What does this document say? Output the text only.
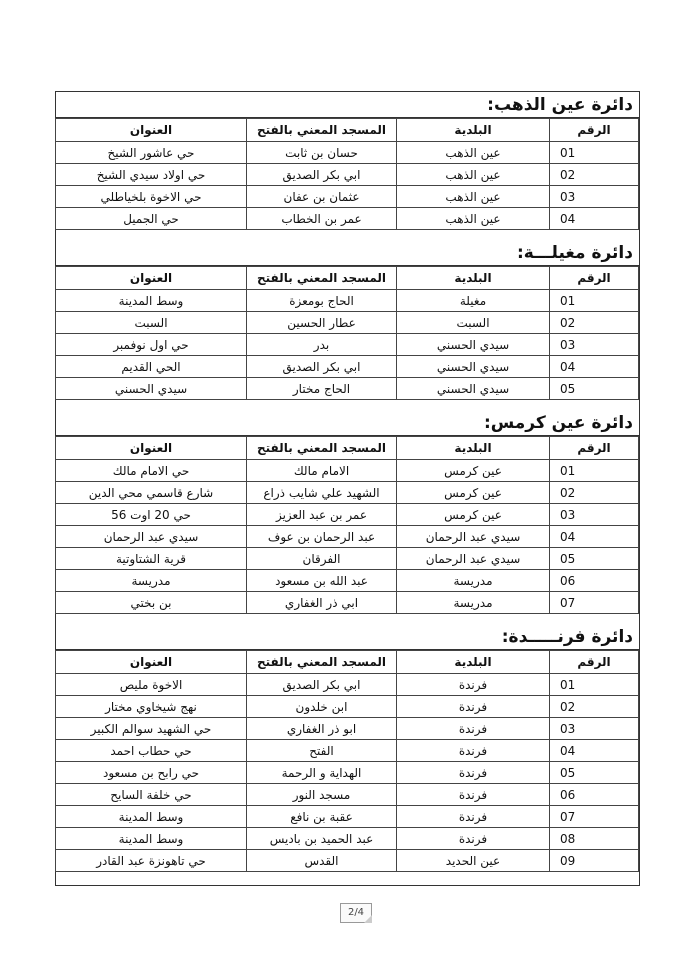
دائرة عين الذهب:
الرقم	البلدية	المسجد المعني بالفتح	العنوان
01	عين الذهب	حسان بن ثابت	حي عاشور الشيخ
02	عين الذهب	ابي بكر الصديق	حي اولاد سيدي الشيخ
03	عين الذهب	عثمان بن عفان	حي الاخوة بلخياطلي
04	عين الذهب	عمر بن الخطاب	حي الجميل
دائرة مغيلـــة:
الرقم	البلدية	المسجد المعني بالفتح	العنوان
01	مغيلة	الحاج بومعزة	وسط المدينة
02	السبت	عطار الحسين	السبت
03	سيدي الحسني	بدر	حي اول نوفمبر
04	سيدي الحسني	ابي بكر الصديق	الحي القديم
05	سيدي الحسني	الحاج مختار	سيدي الحسني
دائرة عين كرمس:
الرقم	البلدية	المسجد المعني بالفتح	العنوان
01	عين كرمس	الامام مالك	حي الامام مالك
02	عين كرمس	الشهيد علي شايب ذراع	شارع قاسمي محي الدين
03	عين كرمس	عمر بن عبد العزيز	حي 20 اوت 56
04	سيدي عبد الرحمان	عبد الرحمان بن عوف	سيدي عبد الرحمان
05	سيدي عبد الرحمان	الفرقان	قرية الشتاوتية
06	مدريسة	عبد الله بن مسعود	مدريسة
07	مدريسة	ابي ذر الغفاري	بن بختي
دائرة فرنـــــدة:
الرقم	البلدية	المسجد المعني بالفتح	العنوان
01	فرندة	ابي بكر الصديق	الاخوة مليص
02	فرندة	ابن خلدون	نهج شيخاوي مختار
03	فرندة	ابو ذر الغفاري	حي الشهيد سوالم الكبير
04	فرندة	الفتح	حي حطاب احمد
05	فرندة	الهداية و الرحمة	حي رابح بن مسعود
06	فرندة	مسجد النور	حي خلفة السايح
07	فرندة	عقبة بن نافع	وسط المدينة
08	فرندة	عبد الحميد بن باديس	وسط المدينة
09	عين الحديد	القدس	حي تاهونزة عبد القادر
2/4
